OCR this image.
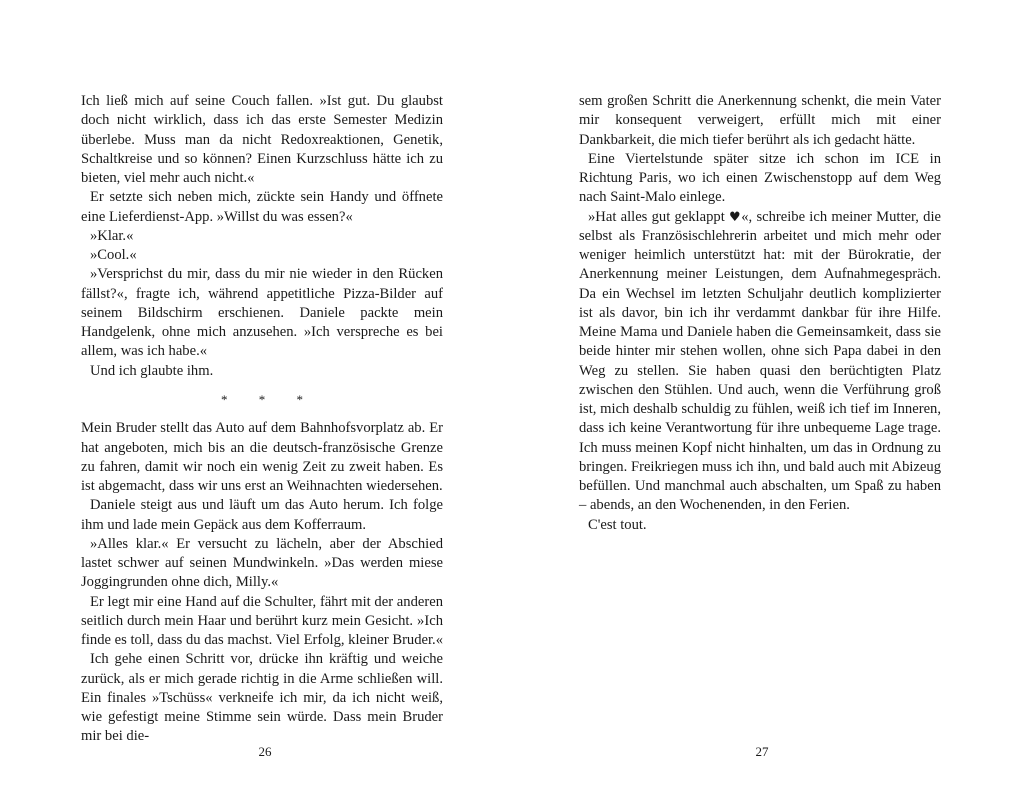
Ich ließ mich auf seine Couch fallen. »Ist gut. Du glaubst doch nicht wirklich, dass ich das erste Semester Medizin überlebe. Muss man da nicht Redoxreaktionen, Genetik, Schaltkreise und so können? Einen Kurzschluss hätte ich zu bieten, viel mehr auch nicht.«

Er setzte sich neben mich, zückte sein Handy und öffnete eine Lieferdienst-App. »Willst du was essen?«

»Klar.«

»Cool.«

»Versprichst du mir, dass du mir nie wieder in den Rücken fällst?«, fragte ich, während appetitliche Pizza-Bilder auf seinem Bildschirm erschienen. Daniele packte mein Handgelenk, ohne mich anzusehen. »Ich verspreche es bei allem, was ich habe.«

Und ich glaubte ihm.

* * *

Mein Bruder stellt das Auto auf dem Bahnhofsvorplatz ab. Er hat angeboten, mich bis an die deutsch-französische Grenze zu fahren, damit wir noch ein wenig Zeit zu zweit haben. Es ist abgemacht, dass wir uns erst an Weihnachten wiedersehen.

Daniele steigt aus und läuft um das Auto herum. Ich folge ihm und lade mein Gepäck aus dem Kofferraum.

»Alles klar.« Er versucht zu lächeln, aber der Abschied lastet schwer auf seinen Mundwinkeln. »Das werden miese Joggingrunden ohne dich, Milly.«

Er legt mir eine Hand auf die Schulter, fährt mit der anderen seitlich durch mein Haar und berührt kurz mein Gesicht. »Ich finde es toll, dass du das machst. Viel Erfolg, kleiner Bruder.«

Ich gehe einen Schritt vor, drücke ihn kräftig und weiche zurück, als er mich gerade richtig in die Arme schließen will. Ein finales »Tschüss« verkneife ich mir, da ich nicht weiß, wie gefestigt meine Stimme sein würde. Dass mein Bruder mir bei die-

26

sem großen Schritt die Anerkennung schenkt, die mein Vater mir konsequent verweigert, erfüllt mich mit einer Dankbarkeit, die mich tiefer berührt als ich gedacht hätte.

Eine Viertelstunde später sitze ich schon im ICE in Richtung Paris, wo ich einen Zwischenstopp auf dem Weg nach Saint-Malo einlege.

»Hat alles gut geklappt ♥«, schreibe ich meiner Mutter, die selbst als Französischlehrerin arbeitet und mich mehr oder weniger heimlich unterstützt hat: mit der Bürokratie, der Anerkennung meiner Leistungen, dem Aufnahmegespräch. Da ein Wechsel im letzten Schuljahr deutlich komplizierter ist als davor, bin ich ihr verdammt dankbar für ihre Hilfe. Meine Mama und Daniele haben die Gemeinsamkeit, dass sie beide hinter mir stehen wollen, ohne sich Papa dabei in den Weg zu stellen. Sie haben quasi den berüchtigten Platz zwischen den Stühlen. Und auch, wenn die Verführung groß ist, mich deshalb schuldig zu fühlen, weiß ich tief im Inneren, dass ich keine Verantwortung für ihre unbequeme Lage trage. Ich muss meinen Kopf nicht hinhalten, um das in Ordnung zu bringen. Freikriegen muss ich ihn, und bald auch mit Abizeug befüllen. Und manchmal auch abschalten, um Spaß zu haben – abends, an den Wochenenden, in den Ferien.

C'est tout.

27
